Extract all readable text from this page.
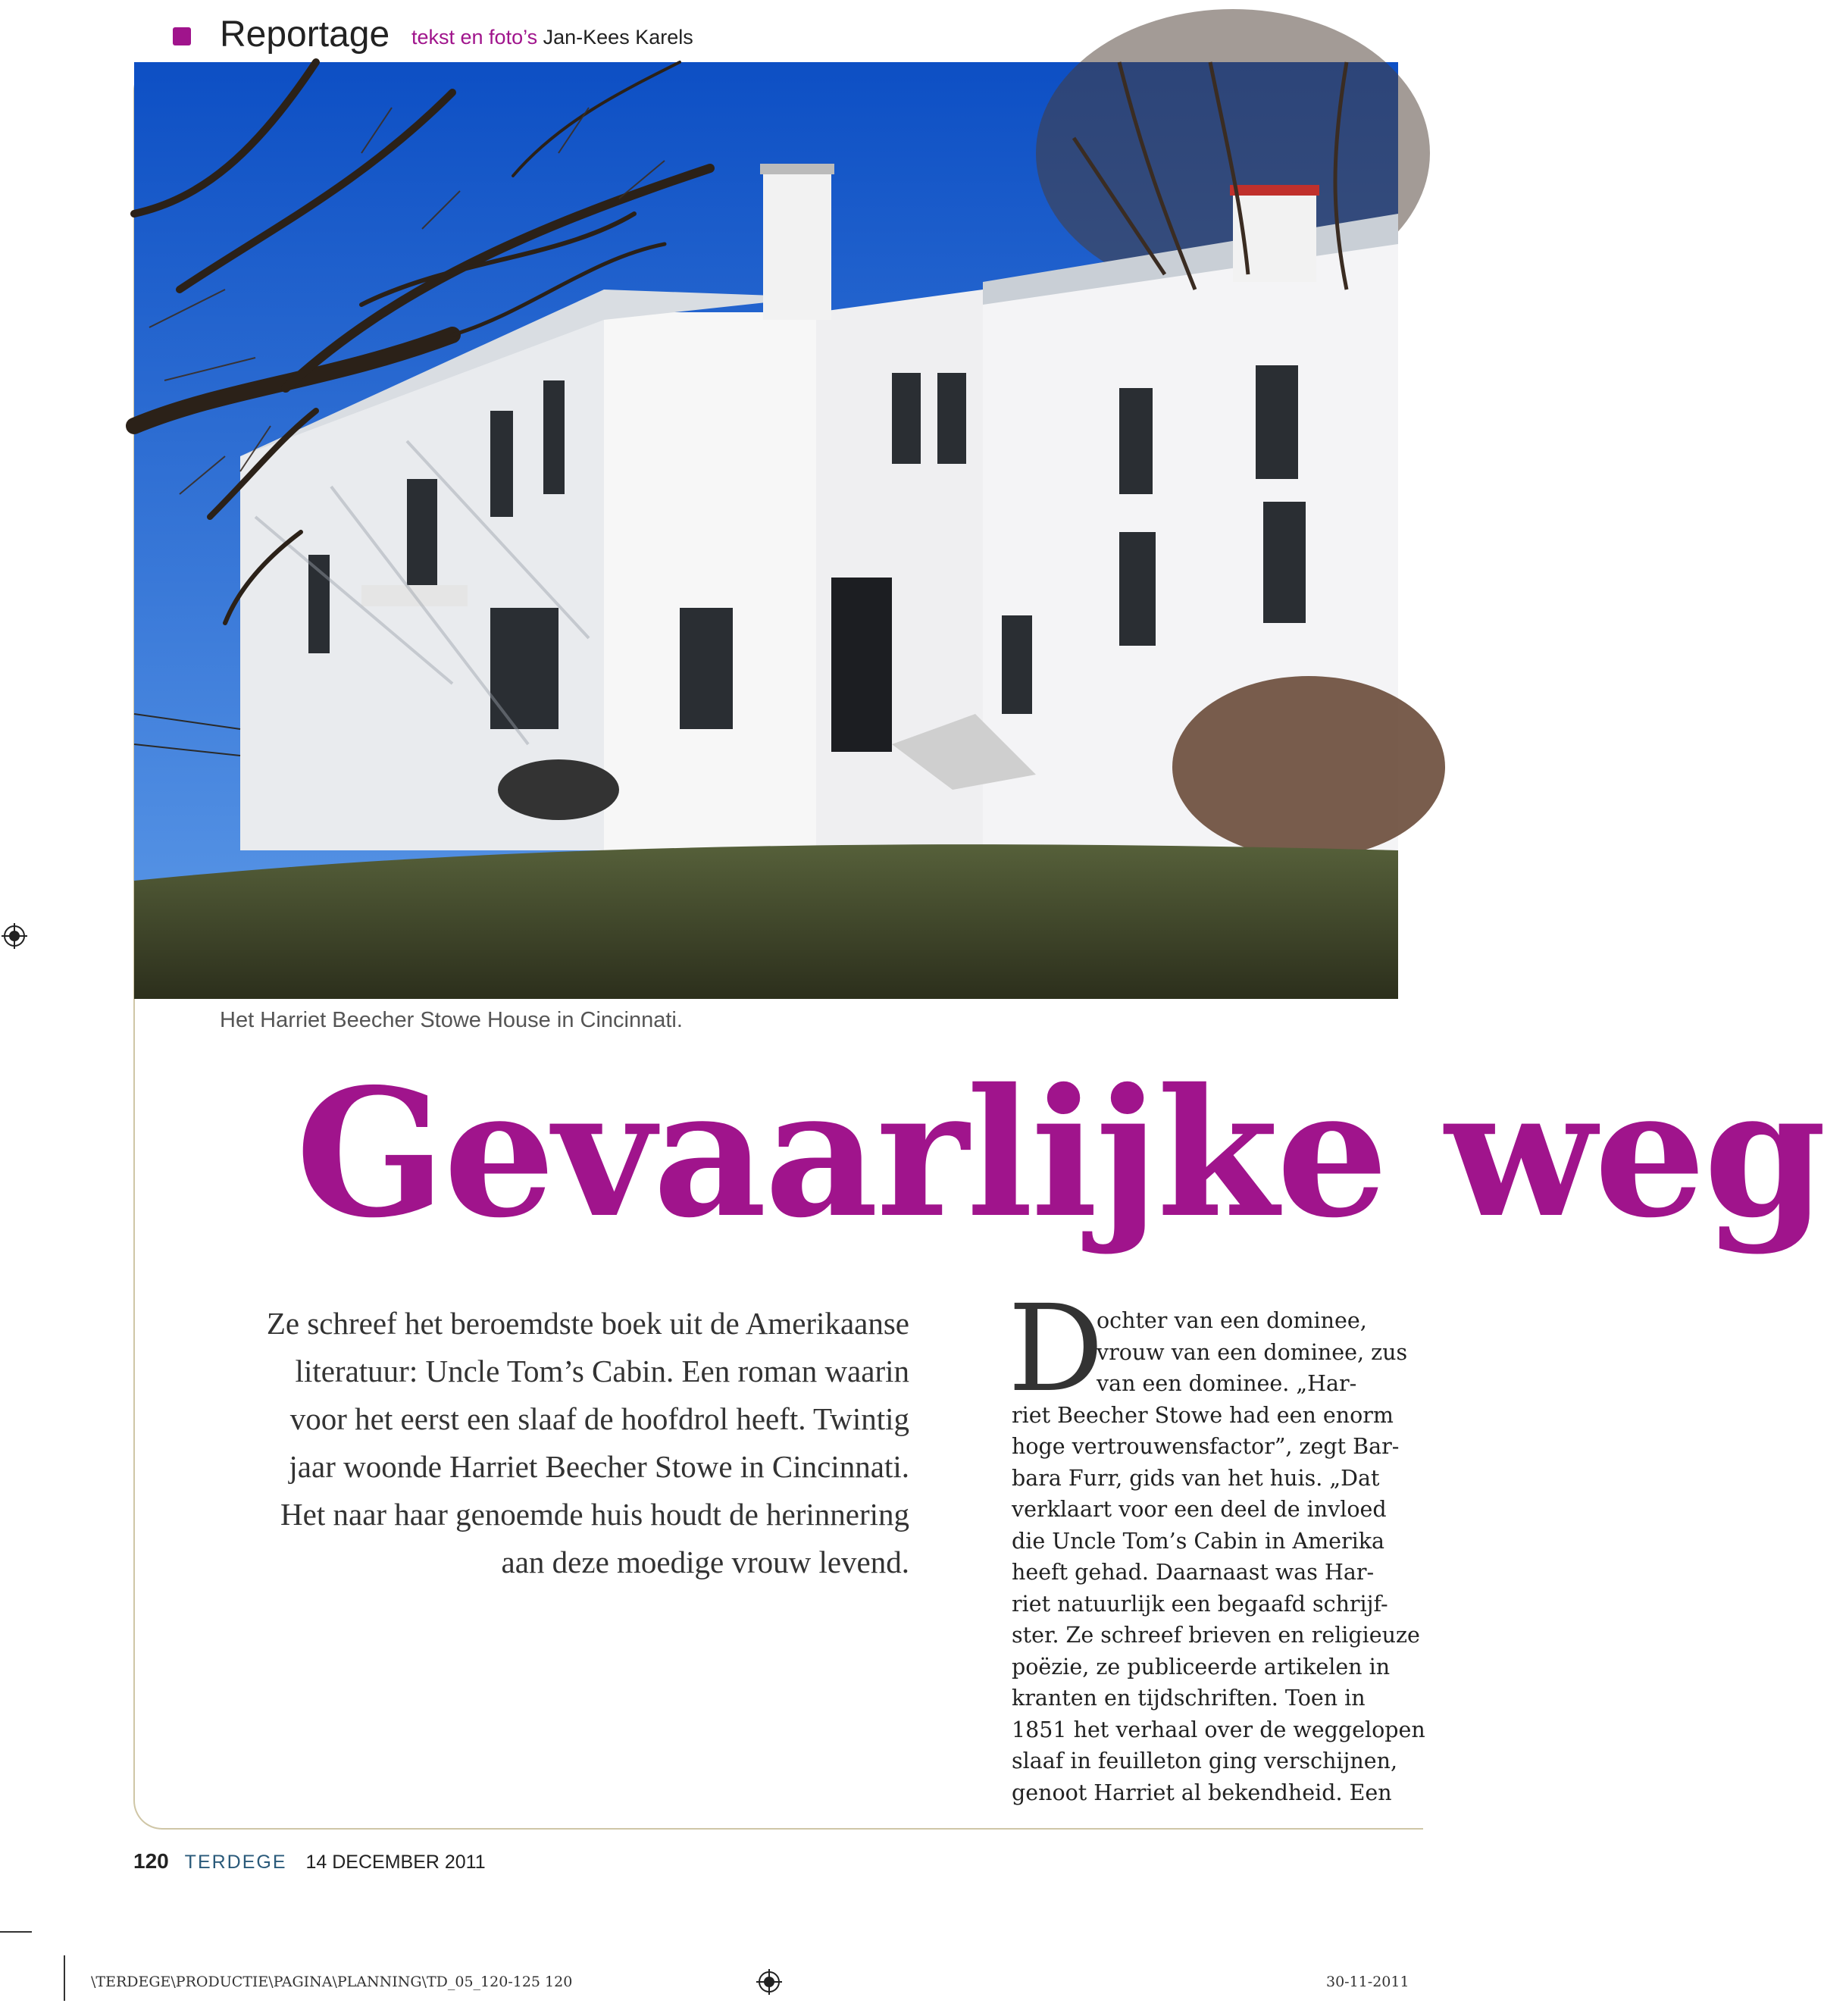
Reportage tekst en foto’s Jan-Kees Karels
Het Harriet Beecher Stowe House in Cincinnati.
Gevaarlijke weg
Ze schreef het beroemdste boek uit de Amerikaanse
literatuur: Uncle Tom’s Cabin. Een roman waarin
voor het eerst een slaaf de hoofdrol heeft. Twintig
jaar woonde Harriet Beecher Stowe in Cincinnati.
Het naar haar genoemde huis houdt de herinnering
aan deze moedige vrouw levend.
D
ochter van een dominee,
vrouw van een dominee, zus
van een dominee. „Har-
riet Beecher Stowe had een enorm
hoge vertrouwensfactor”, zegt Bar-
bara Furr, gids van het huis. „Dat
verklaart voor een deel de invloed
die Uncle Tom’s Cabin in Amerika
heeft gehad. Daarnaast was Har-
riet natuurlijk een begaafd schrijf-
ster. Ze schreef brieven en religieuze
poëzie, ze publiceerde artikelen in
kranten en tijdschriften. Toen in
1851 het verhaal over de weggelopen
slaaf in feuilleton ging verschijnen,
genoot Harriet al bekendheid. Een
120 TERDEGE 14 DECEMBER 2011
\TERDEGE\PRODUCTIE\PAGINA\PLANNING\TD_05_120-125 120	30-11-2011
